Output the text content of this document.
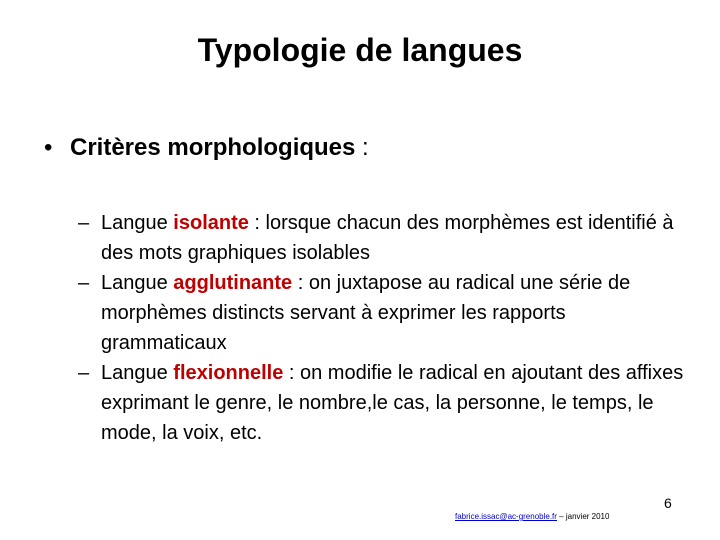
Typologie de langues
• Critères morphologiques :
– Langue isolante : lorsque chacun des morphèmes est identifié à des mots graphiques isolables
– Langue agglutinante : on juxtapose au radical une série de morphèmes distincts servant à exprimer les rapports grammaticaux
– Langue flexionnelle : on modifie le radical en ajoutant des affixes exprimant le genre, le nombre,le cas, la personne, le temps, le mode, la voix, etc.
6
fabrice.issac@ac-grenoble.fr – janvier 2010
